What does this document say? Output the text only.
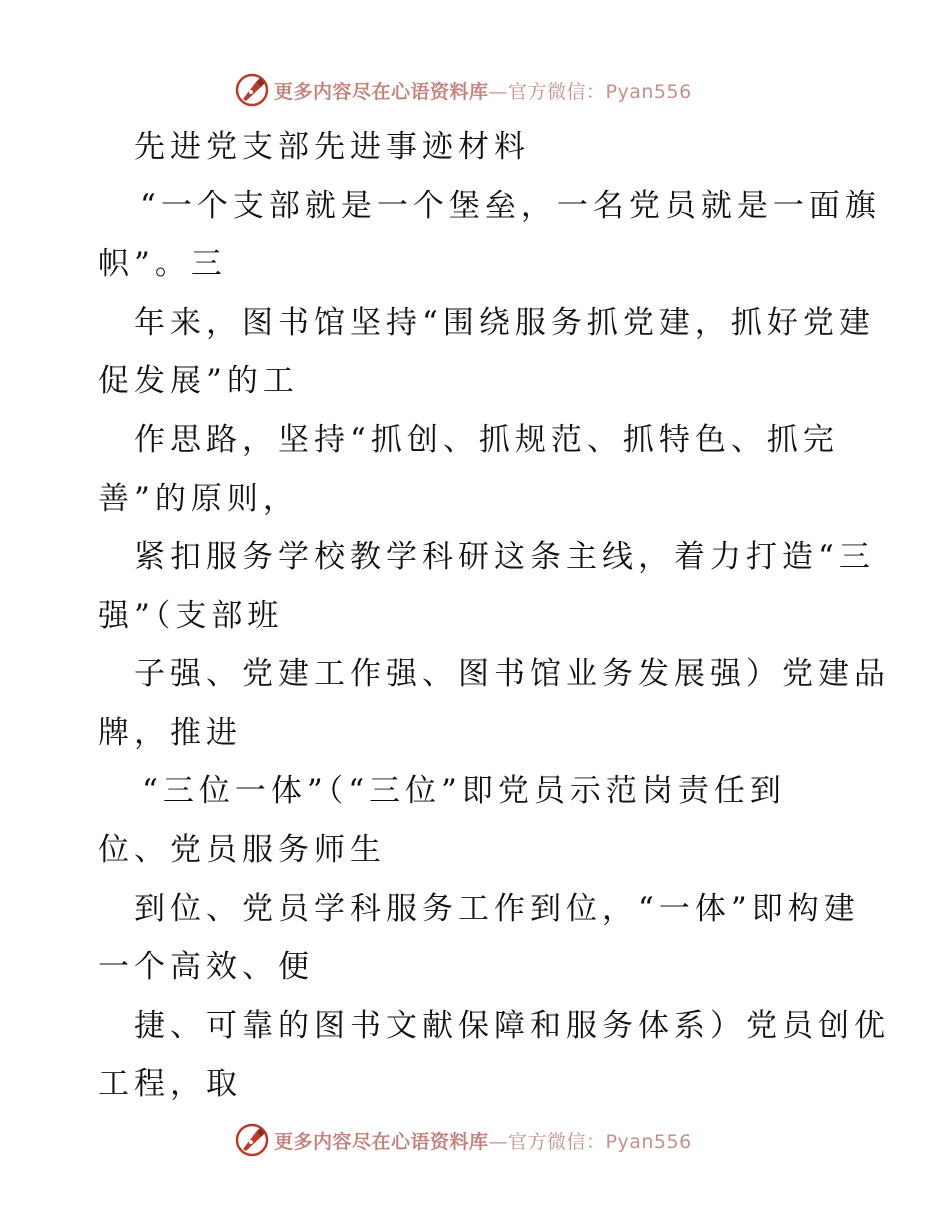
更多内容尽在心语资料库—官方微信：Pyan556
先进党支部先进事迹材料
“一个支部就是一个堡垒，一名党员就是一面旗
帜”。三
年来，图书馆坚持“围绕服务抓党建，抓好党建
促发展”的工
作思路，坚持“抓创、抓规范、抓特色、抓完
善”的原则，
紧扣服务学校教学科研这条主线，着力打造“三
强”（支部班
子强、党建工作强、图书馆业务发展强）党建品
牌，推进
“三位一体”（“三位”即党员示范岗责任到
位、党员服务师生
到位、党员学科服务工作到位，“一体”即构建
一个高效、便
捷、可靠的图书文献保障和服务体系）党员创优
工程，取
更多内容尽在心语资料库—官方微信：Pyan556
